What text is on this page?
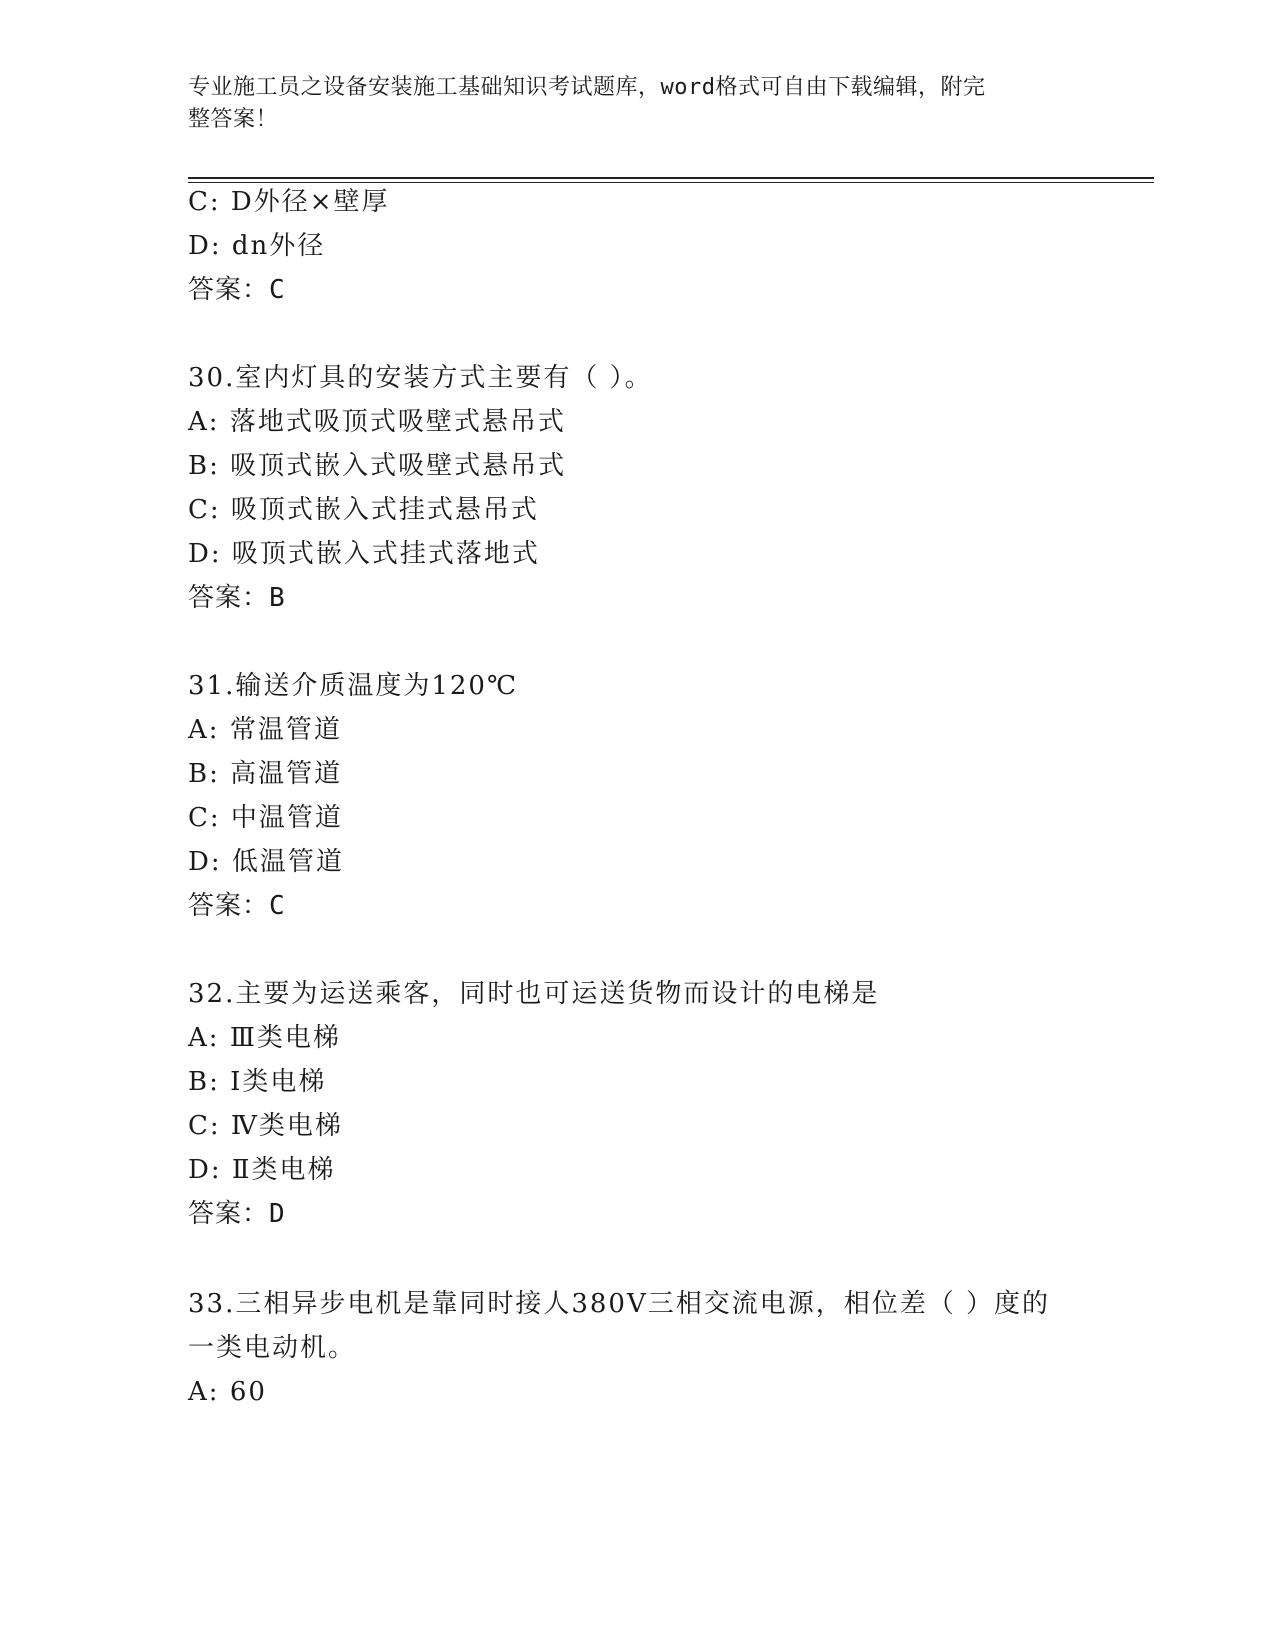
专业施工员之设备安装施工基础知识考试题库，word格式可自由下载编辑，附完
整答案！
C: D外径×壁厚
D: dn外径
答案：C
30.室内灯具的安装方式主要有（ ）。
A: 落地式吸顶式吸壁式悬吊式
B: 吸顶式嵌入式吸壁式悬吊式
C: 吸顶式嵌入式挂式悬吊式
D: 吸顶式嵌入式挂式落地式
答案：B
31.输送介质温度为120℃
A: 常温管道
B: 高温管道
C: 中温管道
D: 低温管道
答案：C
32.主要为运送乘客，同时也可运送货物而设计的电梯是
A: Ⅲ类电梯
B: Ⅰ类电梯
C: Ⅳ类电梯
D: Ⅱ类电梯
答案：D
33.三相异步电机是靠同时接人380V三相交流电源，相位差（ ）度的
一类电动机。
A: 60
